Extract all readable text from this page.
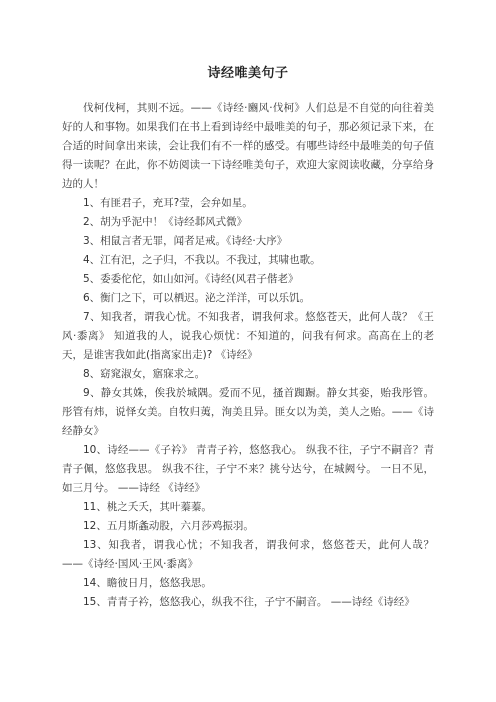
诗经唯美句子

伐柯伐柯，其则不远。——《诗经·豳风·伐柯》人们总是不自觉的向往着美好的人和事物。如果我们在书上看到诗经中最唯美的句子，那必须记录下来，在合适的时间拿出来读，会让我们有不一样的感受。有哪些诗经中最唯美的句子值得一读呢？在此，你不妨阅读一下诗经唯美句子，欢迎大家阅读收藏，分享给身边的人！

1、有匪君子，充耳?莹，会弁如星。

2、胡为乎泥中！《诗经邶风式微》

3、相鼠言者无罪，闻者足戒。《诗经·大序》

4、江有汜，之子归，不我以。不我过，其啸也歌。

5、委委佗佗，如山如河。《诗经(风君子偕老》

6、衡门之下，可以栖迟。泌之洋洋，可以乐饥。

7、知我者，谓我心忧。不知我者，谓我何求。悠悠苍天，此何人哉？《王风·黍离》 知道我的人，说我心烦忧：不知道的，问我有何求。高高在上的老天，是谁害我如此(指离家出走)? 《诗经》

8、窈窕淑女，寤寐求之。

9、静女其姝，俟我於城隅。爱而不见，搔首踟蹰。静女其娈，贻我彤管。彤管有炜，说怿女美。自牧归荑，洵美且异。匪女以为美，美人之贻。——《诗经静女》

10、诗经——《子衿》 青青子衿，悠悠我心。 纵我不往，子宁不嗣音？青青子佩，悠悠我思。 纵我不往，子宁不来？挑兮达兮，在城阙兮。 一日不见，如三月兮。 ——诗经 《诗经》

11、桃之夭夭，其叶蓁蓁。

12、五月斯螽动股，六月莎鸡振羽。

13、知我者，谓我心忧；不知我者，谓我何求，悠悠苍天，此何人哉？ ——《诗经·国风·王风·黍离》

14、瞻彼日月，悠悠我思。

15、青青子衿，悠悠我心，纵我不往，子宁不嗣音。 ——诗经《诗经》
